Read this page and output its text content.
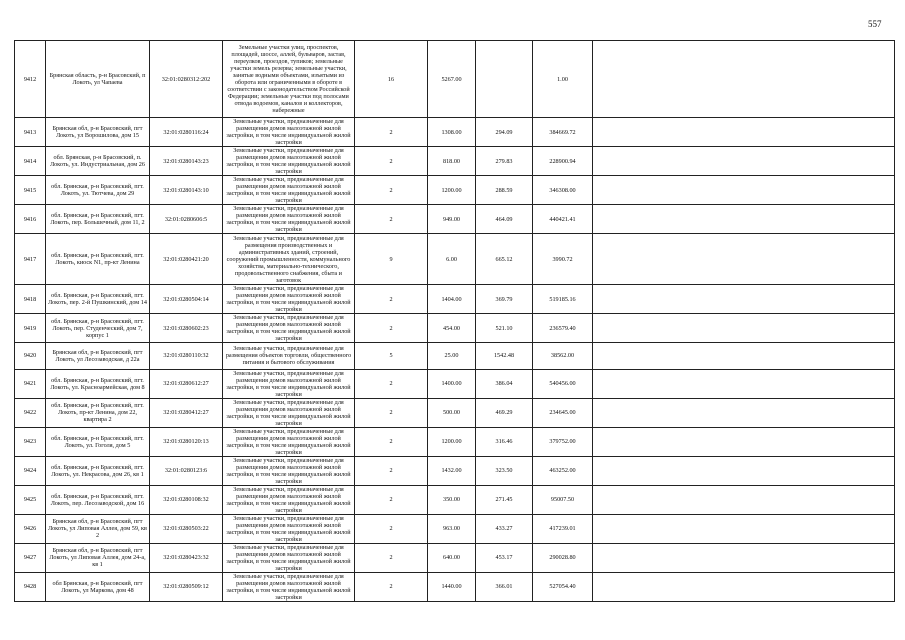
557
9412	Брянская область, р-н Брасовский, п Локоть, ул Чапаева	32:01:0280312:202	Земельные участки улиц, проспектов, площадей, шоссе, аллей, бульваров, застав, переулков, проездов, тупиков; земельные участки земель резерва; земельные участки, занятые водными объектами, изъятыми из оборота или ограниченными в обороте в соответствии с законодательством Российской Федерации; земельные участки под полосами отвода водоемов, каналов и коллекторов, набережные	16	5267.00		1.00	
9413	Брянская обл, р-н Брасовский, пгт Локоть, ул Ворошилова, дом 15	32:01:0280116:24	Земельные участки, предназначенные для размещения домов малоэтажной жилой застройки, в том числе индивидуальной жилой застройки	2	1308.00	294.09	384669.72	
9414	обл. Брянская, р-н Брасовский, п. Локоть, ул. Индустриальная, дом 26	32:01:0280143:23	Земельные участки, предназначенные для размещения домов малоэтажной жилой застройки, в том числе индивидуальной жилой застройки	2	818.00	279.83	228900.94	
9415	обл. Брянская, р-н Брасовский, пгт. Локоть, ул. Тютчева, дом 29	32:01:0280143:10	Земельные участки, предназначенные для размещения домов малоэтажной жилой застройки, в том числе индивидуальной жилой застройки	2	1200.00	288.59	346308.00	
9416	обл. Брянская, р-н Брасовский, пгт. Локоть, пер. Большечный, дом 11, 2	32:01:0280606:5	Земельные участки, предназначенные для размещения домов малоэтажной жилой застройки, в том числе индивидуальной жилой застройки	2	949.00	464.09	440421.41	
9417	обл. Брянская, р-н Брасовский, пгт. Локоть, киоск N1, пр-кт Ленина	32:01:0280421:20	Земельные участки, предназначенные для размещения производственных и административных зданий, строений, сооружений промышленности, коммунального хозяйства, материально-технического, продовольственного снабжения, сбыта и заготовок	9	6.00	665.12	3990.72	
9418	обл. Брянская, р-н Брасовский, пгт. Локоть, пер. 2-й Пушкинский, дом 14	32:01:0280504:14	Земельные участки, предназначенные для размещения домов малоэтажной жилой застройки, в том числе индивидуальной жилой застройки	2	1404.00	369.79	519185.16	
9419	обл. Брянская, р-н Брасовский, пгт. Локоть, пер. Студенческий, дом 7, корпус 1	32:01:0280602:23	Земельные участки, предназначенные для размещения домов малоэтажной жилой застройки, в том числе индивидуальной жилой застройки	2	454.00	521.10	236579.40	
9420	Брянская обл, р-н Брасовский, пгт Локоть, ул Лесозаводская, д 22а	32:01:0280110:32	Земельные участки, предназначенные для размещения объектов торговли, общественного питания и бытового обслуживания	5	25.00	1542.48	38562.00	
9421	обл. Брянская, р-н Брасовский, пгт. Локоть, ул. Красноармейская, дом 8	32:01:0280612:27	Земельные участки, предназначенные для размещения домов малоэтажной жилой застройки, в том числе индивидуальной жилой застройки	2	1400.00	386.04	540456.00	
9422	обл. Брянская, р-н Брасовский, пгт. Локоть, пр-кт Ленина, дом 22, квартира 2	32:01:0280412:27	Земельные участки, предназначенные для размещения домов малоэтажной жилой застройки, в том числе индивидуальной жилой застройки	2	500.00	469.29	234645.00	
9423	обл. Брянская, р-н Брасовский, пгт. Локоть, ул. Гоголя, дом 5	32:01:0280120:13	Земельные участки, предназначенные для размещения домов малоэтажной жилой застройки, в том числе индивидуальной жилой застройки	2	1200.00	316.46	379752.00	
9424	обл. Брянская, р-н Брасовский, пгт. Локоть, ул. Некрасова, дом 26, кв 1	32:01:0280123:6	Земельные участки, предназначенные для размещения домов малоэтажной жилой застройки, в том числе индивидуальной жилой застройки	2	1432.00	323.50	463252.00	
9425	обл. Брянская, р-н Брасовский, пгт. Локоть, пер. Лесозаводской, дом 16	32:01:0280108:32	Земельные участки, предназначенные для размещения домов малоэтажной жилой застройки, в том числе индивидуальной жилой застройки	2	350.00	271.45	95007.50	
9426	Брянская обл, р-н Брасовский, пгт Локоть, ул Липовая Аллея, дом 59, кв 2	32:01:0280503:22	Земельные участки, предназначенные для размещения домов малоэтажной жилой застройки, в том числе индивидуальной жилой застройки	2	963.00	433.27	417239.01	
9427	Брянская обл, р-н Брасовский, пгт Локоть, ул Липовая Аллея, дом 24-а, кв 1	32:01:0280423:32	Земельные участки, предназначенные для размещения домов малоэтажной жилой застройки, в том числе индивидуальной жилой застройки	2	640.00	453.17	290028.80	
9428	обл Брянская, р-н Брасовский, пгт Локоть, ул Маркова, дом 48	32:01:0280509:12	Земельные участки, предназначенные для размещения домов малоэтажной жилой застройки, в том числе индивидуальной жилой застройки	2	1440.00	366.01	527054.40	
